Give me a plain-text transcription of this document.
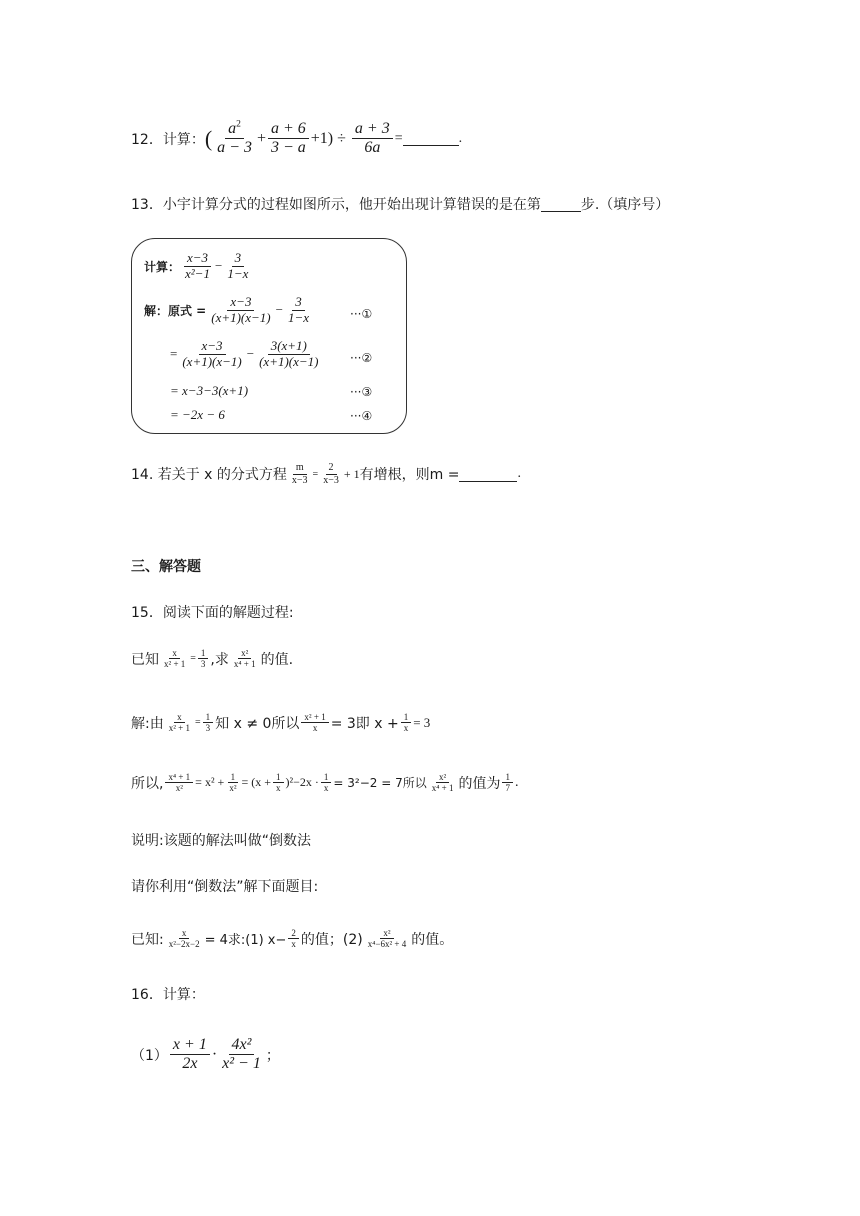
12．计算： ( $\frac{a^2}{a - 3} + \frac{a + 6}{3 - a} +1) \div \frac{a + 3}{6a}$ =	.
13．小宇计算分式的过程如图所示，他开始出现计算错误的是在第	步.（填序号）
计算： $\frac{x-3}{\text{x²−1}} - \frac{3}{1-x}$
解：原式 = $\frac{x-3}{(x+1)(x-1)} - \frac{3}{1-x}$	···①
= $\frac{x-3}{(x+1)(x-1)} - \frac{3(x+1)}{(x+1)(x-1)}$ ···②
= x−3−3(x+1)	···③
= −2x − 6	···④
14. 若关于 x 的分式方程 $\frac{m}{x-3} = \frac{2}{x-3} + 1$ 有增根，则m =	.
三、解答题
15．阅读下面的解题过程:
已知 $\frac{x}{\text{x² + 1}} = \frac{1}{3}$ ,求 $\frac{\text{x²}}{\text{x⁴ + 1}}$ 的值.
解:由 $\frac{x}{\text{x² + 1}} = \frac{1}{3}$ 知 x ≠ 0所以 $\frac{\text{x² + 1}}{x} = 3$即 $x + \frac{1}{x} = 3$
所以, $\frac{\text{x⁴ + 1}}{\text{x²}} = x^2 + \frac{1}{\text{x²}} = (x + \frac{1}{x} )^2-2x \cdot \frac{1}{x} = 3^2-2 = 7$所以 $\frac{\text{x²}}{\text{x⁴ + 1}}$ 的值为 $\frac{1}{7}$ .
说明:该题的解法叫做“倒数法
请你利用“倒数法”解下面题目:
已知: $\frac{x}{\text{x²−2x−2}} = 4$求:(1) $x- \frac{2}{x}$ 的值；$(2) \frac{\text{x²}}{\text{x⁴−6x² + 4}}$ 的值。
16．计算：
$(1) \frac{x + 1}{2x} \cdot \frac{\text{4x²}}{\text{x² − 1}}$ ；
